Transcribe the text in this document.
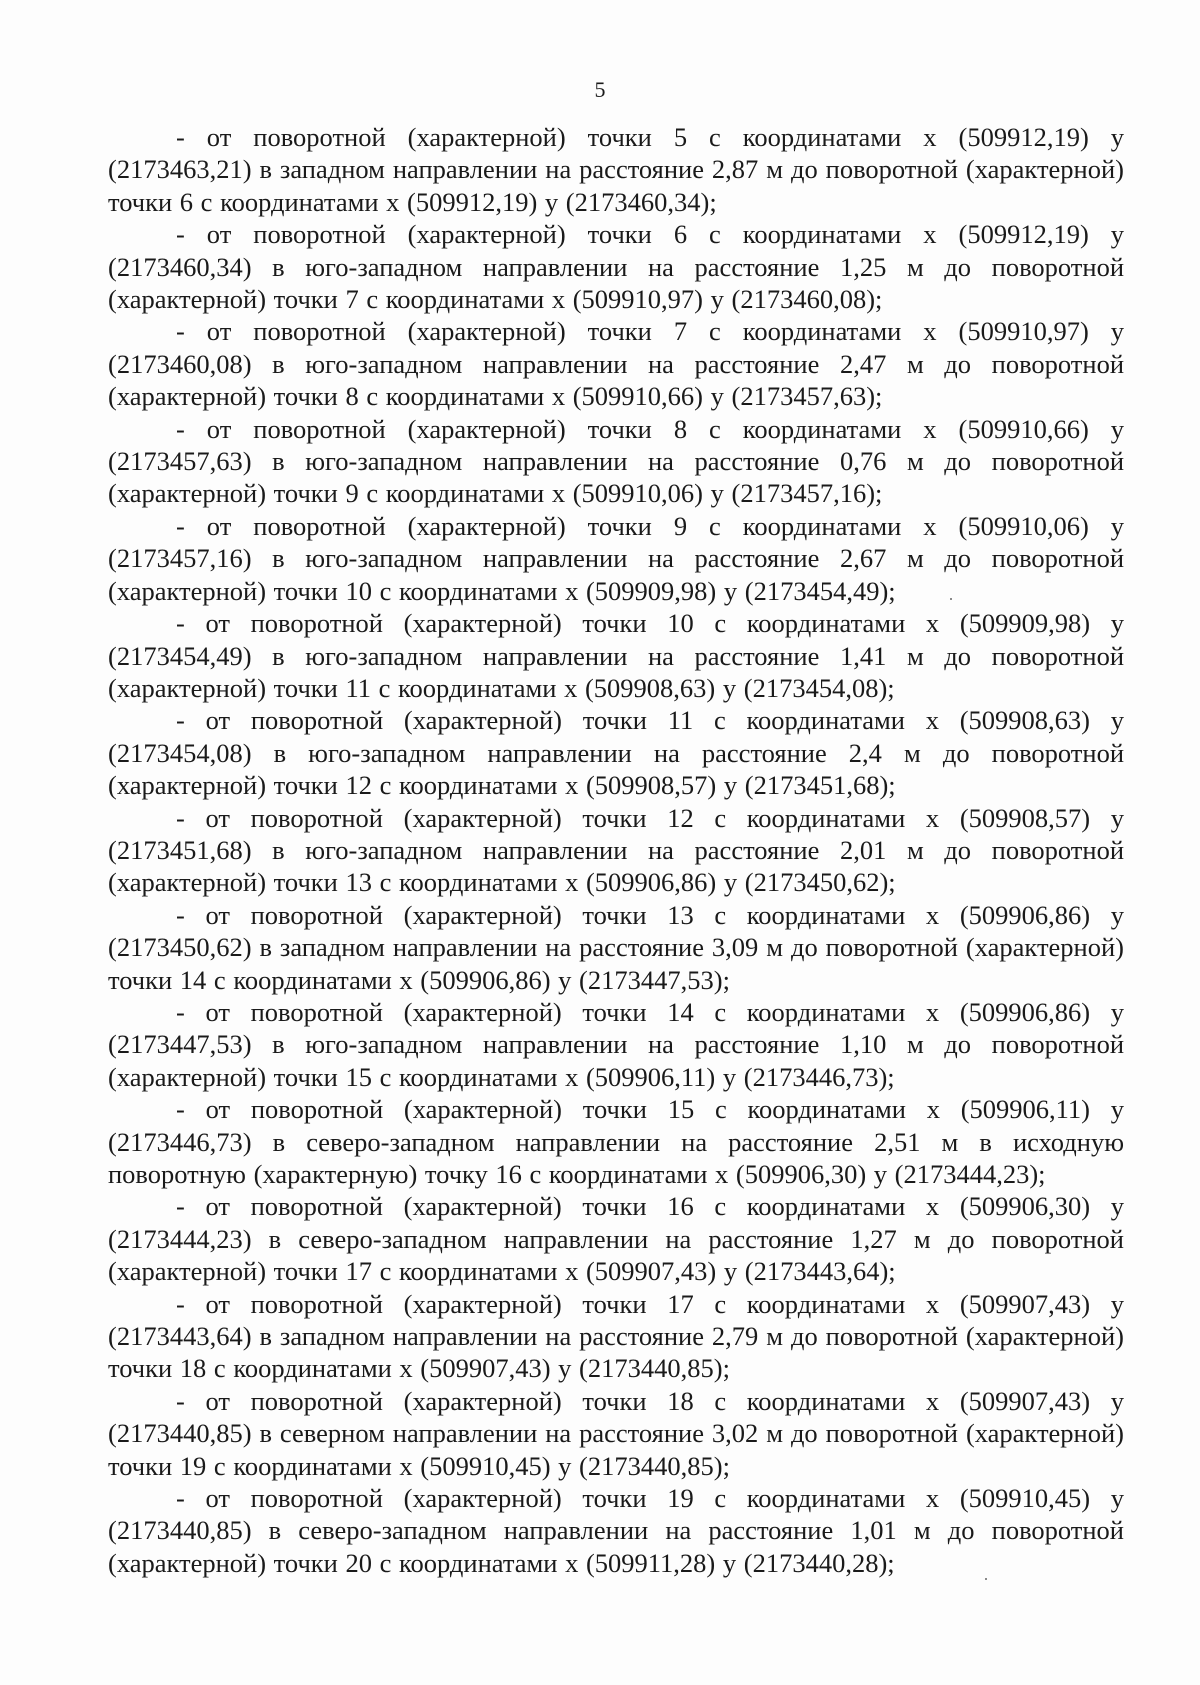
5

- от поворотной (характерной) точки 5 с координатами x (509912,19) y (2173463,21) в западном направлении на расстояние 2,87 м до поворотной (характерной) точки 6 с координатами x (509912,19) y (2173460,34);

- от поворотной (характерной) точки 6 с координатами x (509912,19) y (2173460,34) в юго-западном направлении на расстояние 1,25 м до поворотной (характерной) точки 7 с координатами x (509910,97) y (2173460,08);

- от поворотной (характерной) точки 7 с координатами x (509910,97) y (2173460,08) в юго-западном направлении на расстояние 2,47 м до поворотной (характерной) точки 8 с координатами x (509910,66) y (2173457,63);

- от поворотной (характерной) точки 8 с координатами x (509910,66) y (2173457,63) в юго-западном направлении на расстояние 0,76 м до поворотной (характерной) точки 9 с координатами x (509910,06) y (2173457,16);

- от поворотной (характерной) точки 9 с координатами x (509910,06) y (2173457,16) в юго-западном направлении на расстояние 2,67 м до поворотной (характерной) точки 10 с координатами x (509909,98) y (2173454,49);

- от поворотной (характерной) точки 10 с координатами x (509909,98) y (2173454,49) в юго-западном направлении на расстояние 1,41 м до поворотной (характерной) точки 11 с координатами x (509908,63) y (2173454,08);

- от поворотной (характерной) точки 11 с координатами x (509908,63) y (2173454,08) в юго-западном направлении на расстояние 2,4 м до поворотной (характерной) точки 12 с координатами x (509908,57) y (2173451,68);

- от поворотной (характерной) точки 12 с координатами x (509908,57) y (2173451,68) в юго-западном направлении на расстояние 2,01 м до поворотной (характерной) точки 13 с координатами x (509906,86) y (2173450,62);

- от поворотной (характерной) точки 13 с координатами x (509906,86) y (2173450,62) в западном направлении на расстояние 3,09 м до поворотной (характерной) точки 14 с координатами x (509906,86) y (2173447,53);

- от поворотной (характерной) точки 14 с координатами x (509906,86) y (2173447,53) в юго-западном направлении на расстояние 1,10 м до поворотной (характерной) точки 15 с координатами x (509906,11) y (2173446,73);

- от поворотной (характерной) точки 15 с координатами x (509906,11) y (2173446,73) в северо-западном направлении на расстояние 2,51 м в исходную поворотную (характерную) точку 16 с координатами x (509906,30) y (2173444,23);

- от поворотной (характерной) точки 16 с координатами x (509906,30) y (2173444,23) в северо-западном направлении на расстояние 1,27 м до поворотной (характерной) точки 17 с координатами x (509907,43) y (2173443,64);

- от поворотной (характерной) точки 17 с координатами x (509907,43) y (2173443,64) в западном направлении на расстояние 2,79 м до поворотной (характерной) точки 18 с координатами x (509907,43) y (2173440,85);

- от поворотной (характерной) точки 18 с координатами x (509907,43) y (2173440,85) в северном направлении на расстояние 3,02 м до поворотной (характерной) точки 19 с координатами x (509910,45) y (2173440,85);

- от поворотной (характерной) точки 19 с координатами x (509910,45) y (2173440,85) в северо-западном направлении на расстояние 1,01 м до поворотной (характерной) точки 20 с координатами x (509911,28) y (2173440,28);
